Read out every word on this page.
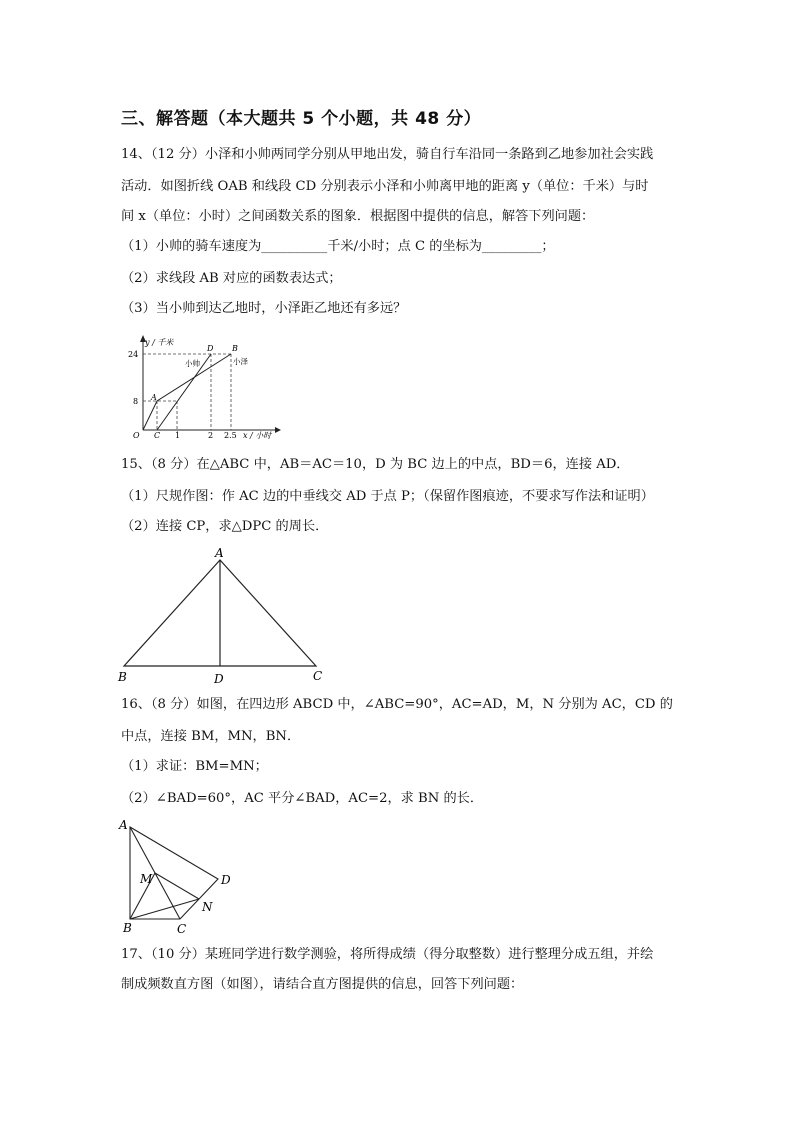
三、解答题（本大题共 5 个小题，共 48 分）
14、（12 分）小泽和小帅两同学分别从甲地出发，骑自行车沿同一条路到乙地参加社会实践
活动．如图折线 OAB 和线段 CD 分别表示小泽和小帅离甲地的距离 y（单位：千米）与时
间 x（单位：小时）之间函数关系的图象．根据图中提供的信息，解答下列问题：
（1）小帅的骑车速度为__________千米/小时；点 C 的坐标为_________；
（2）求线段 AB 对应的函数表达式；
（3）当小帅到达乙地时，小泽距乙地还有多远？
y / 千米
24
8
O C 1	2 2.5 x / 小时
A
B
D
小帅	小泽
15、（8 分）在△ABC 中，AB＝AC＝10，D 为 BC 边上的中点，BD＝6，连接 AD．
（1）尺规作图：作 AC 边的中垂线交 AD 于点 P；（保留作图痕迹，不要求写作法和证明）
（2）连接 CP，求△DPC 的周长．
A
B	D	C
16、（8 分）如图，在四边形 ABCD 中，∠ABC=90°，AC=AD，M，N 分别为 AC，CD 的
中点，连接 BM，MN，BN．
（1）求证：BM=MN；
（2）∠BAD=60°，AC 平分∠BAD，AC=2，求 BN 的长．
A
B	C
D
M
N
17、（10 分）某班同学进行数学测验，将所得成绩（得分取整数）进行整理分成五组，并绘
制成频数直方图（如图），请结合直方图提供的信息，回答下列问题：
